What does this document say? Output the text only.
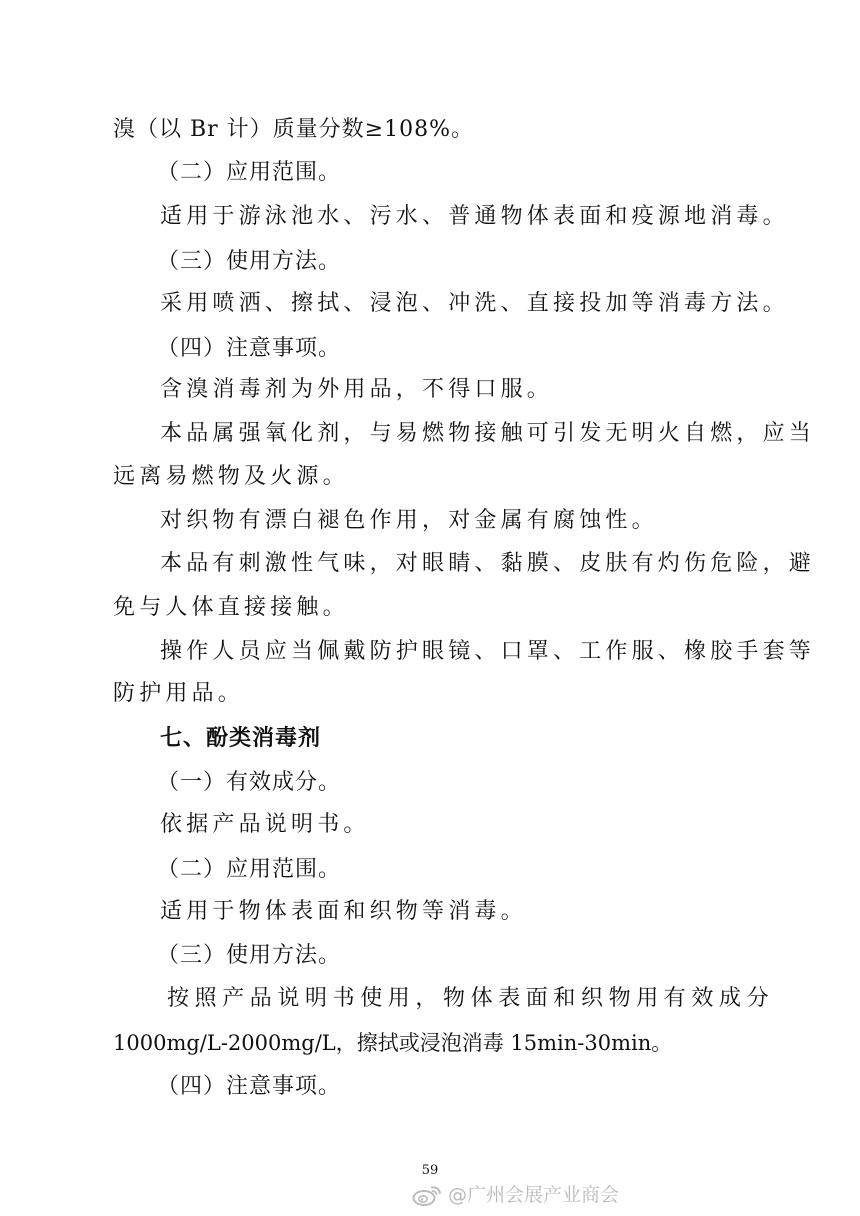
溴（以 Br 计）质量分数≥108%。
（二）应用范围。
适用于游泳池水、污水、普通物体表面和疫源地消毒。
（三）使用方法。
采用喷洒、擦拭、浸泡、冲洗、直接投加等消毒方法。
（四）注意事项。
含溴消毒剂为外用品，不得口服。
本品属强氧化剂，与易燃物接触可引发无明火自燃，应当
远离易燃物及火源。
对织物有漂白褪色作用，对金属有腐蚀性。
本品有刺激性气味，对眼睛、黏膜、皮肤有灼伤危险，避
免与人体直接接触。
操作人员应当佩戴防护眼镜、口罩、工作服、橡胶手套等
防护用品。
七、酚类消毒剂
（一）有效成分。
依据产品说明书。
（二）应用范围。
适用于物体表面和织物等消毒。
（三）使用方法。
按照产品说明书使用，物体表面和织物用有效成分
1000mg/L-2000mg/L，擦拭或浸泡消毒 15min-30min。
（四）注意事项。
59
@广州会展产业商会
